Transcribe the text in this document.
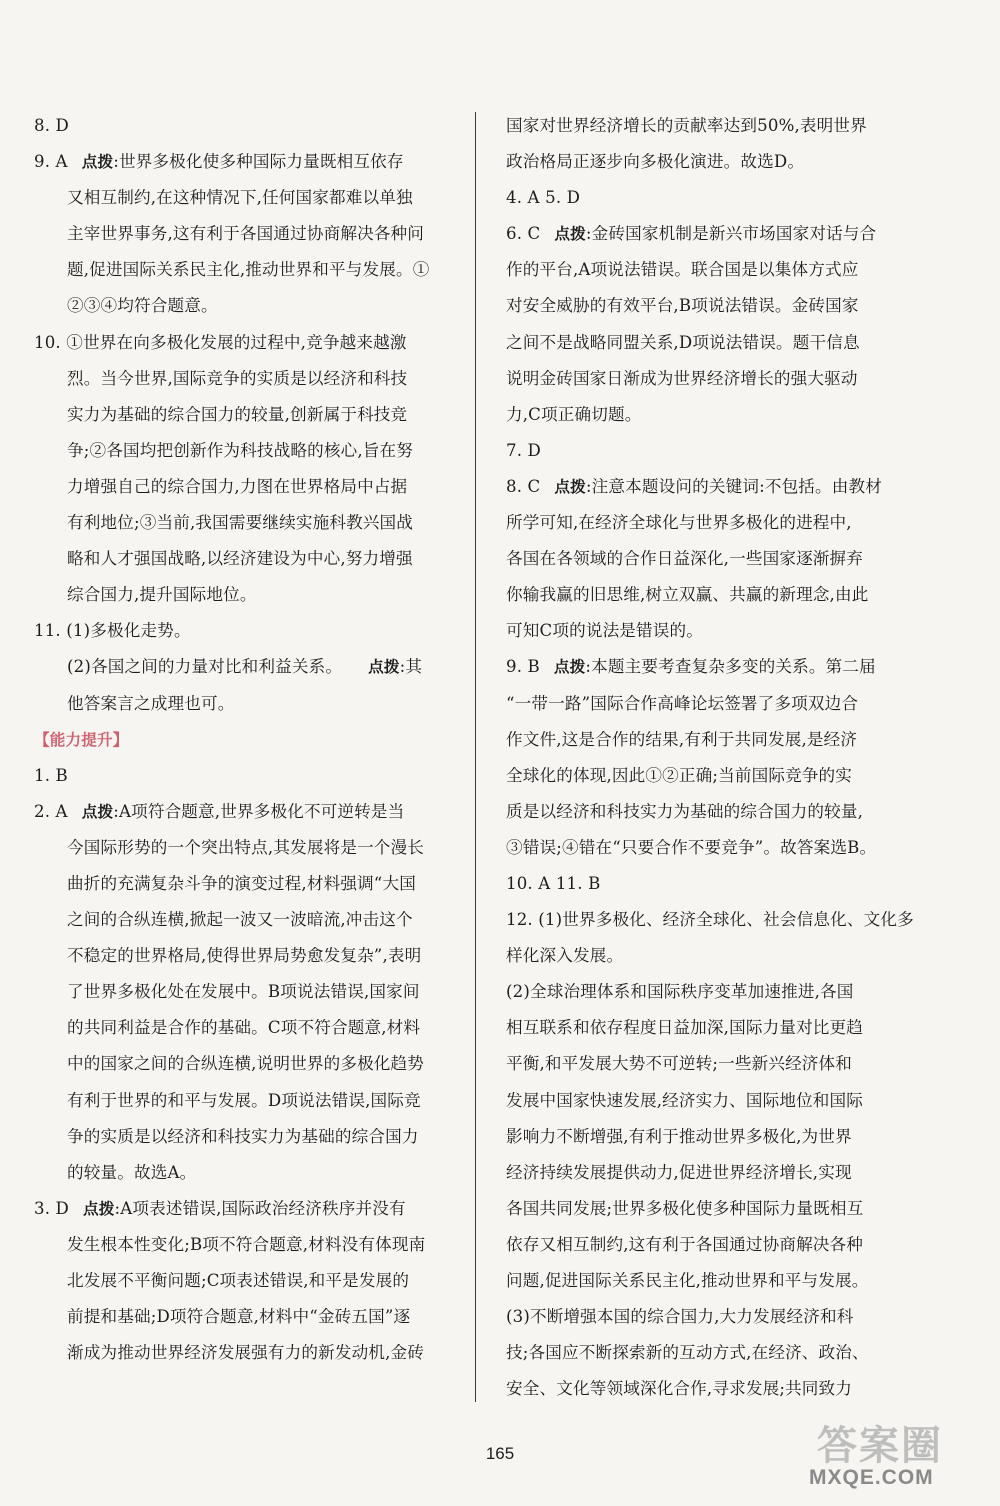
8. D
9. A 点拨:世界多极化使多种国际力量既相互依存
又相互制约,在这种情况下,任何国家都难以单独
主宰世界事务,这有利于各国通过协商解决各种问
题,促进国际关系民主化,推动世界和平与发展。①
②③④均符合题意。
10. ①世界在向多极化发展的过程中,竞争越来越激
烈。当今世界,国际竞争的实质是以经济和科技
实力为基础的综合国力的较量,创新属于科技竞
争;②各国均把创新作为科技战略的核心,旨在努
力增强自己的综合国力,力图在世界格局中占据
有利地位;③当前,我国需要继续实施科教兴国战
略和人才强国战略,以经济建设为中心,努力增强
综合国力,提升国际地位。
11. (1)多极化走势。
(2)各国之间的力量对比和利益关系。 点拨:其
他答案言之成理也可。
【能力提升】
1. B
2. A 点拨:A项符合题意,世界多极化不可逆转是当
今国际形势的一个突出特点,其发展将是一个漫长
曲折的充满复杂斗争的演变过程,材料强调“大国
之间的合纵连横,掀起一波又一波暗流,冲击这个
不稳定的世界格局,使得世界局势愈发复杂”,表明
了世界多极化处在发展中。B项说法错误,国家间
的共同利益是合作的基础。C项不符合题意,材料
中的国家之间的合纵连横,说明世界的多极化趋势
有利于世界的和平与发展。D项说法错误,国际竞
争的实质是以经济和科技实力为基础的综合国力
的较量。故选A。
3. D 点拨:A项表述错误,国际政治经济秩序并没有
发生根本性变化;B项不符合题意,材料没有体现南
北发展不平衡问题;C项表述错误,和平是发展的
前提和基础;D项符合题意,材料中“金砖五国”逐
渐成为推动世界经济发展强有力的新发动机,金砖
国家对世界经济增长的贡献率达到50%,表明世界
政治格局正逐步向多极化演进。故选D。
4. A 5. D
6. C 点拨:金砖国家机制是新兴市场国家对话与合
作的平台,A项说法错误。联合国是以集体方式应
对安全威胁的有效平台,B项说法错误。金砖国家
之间不是战略同盟关系,D项说法错误。题干信息
说明金砖国家日渐成为世界经济增长的强大驱动
力,C项正确切题。
7. D
8. C 点拨:注意本题设问的关键词:不包括。由教材
所学可知,在经济全球化与世界多极化的进程中,
各国在各领域的合作日益深化,一些国家逐渐摒弃
你输我赢的旧思维,树立双赢、共赢的新理念,由此
可知C项的说法是错误的。
9. B 点拨:本题主要考查复杂多变的关系。第二届
“一带一路”国际合作高峰论坛签署了多项双边合
作文件,这是合作的结果,有利于共同发展,是经济
全球化的体现,因此①②正确;当前国际竞争的实
质是以经济和科技实力为基础的综合国力的较量,
③错误;④错在“只要合作不要竞争”。故答案选B。
10. A 11. B
12. (1)世界多极化、经济全球化、社会信息化、文化多
样化深入发展。
(2)全球治理体系和国际秩序变革加速推进,各国
相互联系和依存程度日益加深,国际力量对比更趋
平衡,和平发展大势不可逆转;一些新兴经济体和
发展中国家快速发展,经济实力、国际地位和国际
影响力不断增强,有利于推动世界多极化,为世界
经济持续发展提供动力,促进世界经济增长,实现
各国共同发展;世界多极化使多种国际力量既相互
依存又相互制约,这有利于各国通过协商解决各种
问题,促进国际关系民主化,推动世界和平与发展。
(3)不断增强本国的综合国力,大力发展经济和科
技;各国应不断探索新的互动方式,在经济、政治、
安全、文化等领域深化合作,寻求发展;共同致力
165	答案圈
MXQE.COM
